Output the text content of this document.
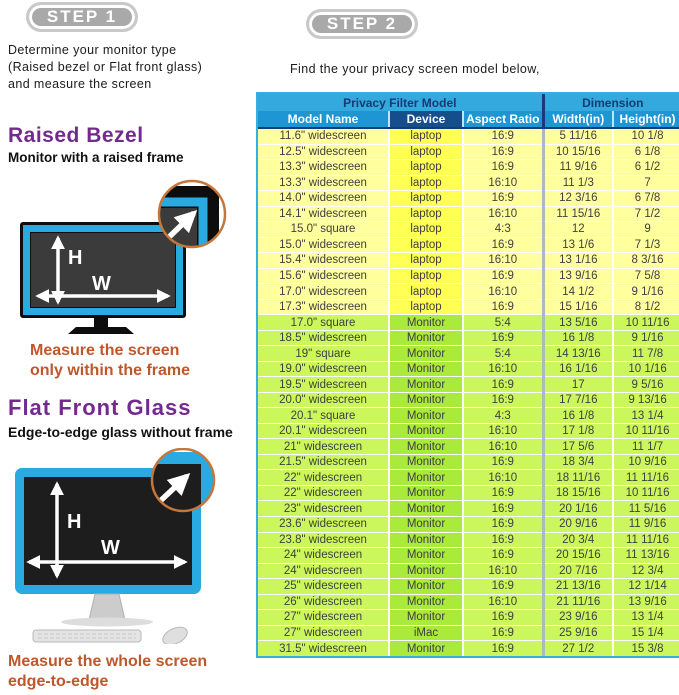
STEP 1
Determine your monitor type
(Raised bezel or Flat front glass)
and measure the screen
Raised Bezel
Monitor with a raised frame
H
W
Measure the screen
only within the frame
Flat Front Glass
Edge-to-edge glass without frame
H
W
Measure the whole screen
edge-to-edge
STEP 2
Find the your privacy screen model below,
Privacy Filter Model			Dimension	
Model Name	Device	Aspect Ratio	Width(in)	Height(in)
11.6" widescreen	laptop	16:9	5 11/16	10 1/8
12.5" widescreen	laptop	16:9	10 15/16	6 1/8
13.3" widescreen	laptop	16:9	11 9/16	6 1/2
13.3" widescreen	laptop	16:10	11 1/3	7
14.0" widescreen	laptop	16:9	12 3/16	6 7/8
14.1" widescreen	laptop	16:10	11 15/16	7 1/2
15.0" square	laptop	4:3	12	9
15.0" widescreen	laptop	16:9	13 1/6	7 1/3
15.4" widescreen	laptop	16:10	13 1/16	8 3/16
15.6" widescreen	laptop	16:9	13 9/16	7 5/8
17.0" widescreen	laptop	16:10	14 1/2	9 1/16
17.3" widescreen	laptop	16:9	15 1/16	8 1/2
17.0" square	Monitor	5:4	13 5/16	10 11/16
18.5" widescreen	Monitor	16:9	16 1/8	9 1/16
19" square	Monitor	5:4	14 13/16	11 7/8
19.0" widescreen	Monitor	16:10	16 1/16	10 1/16
19.5" widescreen	Monitor	16:9	17	9 5/16
20.0" widescreen	Monitor	16:9	17 7/16	9 13/16
20.1" square	Monitor	4:3	16 1/8	13 1/4
20.1" widescreen	Monitor	16:10	17 1/8	10 11/16
21" widescreen	Monitor	16:10	17 5/6	11 1/7
21.5" widescreen	Monitor	16:9	18 3/4	10 9/16
22" widescreen	Monitor	16:10	18 11/16	11 11/16
22" widescreen	Monitor	16:9	18 15/16	10 11/16
23" widescreen	Monitor	16:9	20 1/16	11 5/16
23.6" widescreen	Monitor	16:9	20 9/16	11 9/16
23.8" widescreen	Monitor	16:9	20 3/4	11 11/16
24" widescreen	Monitor	16:9	20 15/16	11 13/16
24" widescreen	Monitor	16:10	20 7/16	12 3/4
25" widescreen	Monitor	16:9	21 13/16	12 1/14
26" widescreen	Monitor	16:10	21 11/16	13 9/16
27" widescreen	Monitor	16:9	23 9/16	13 1/4
27" widescreen	iMac	16:9	25 9/16	15 1/4
31.5" widescreen	Monitor	16:9	27 1/2	15 3/8
